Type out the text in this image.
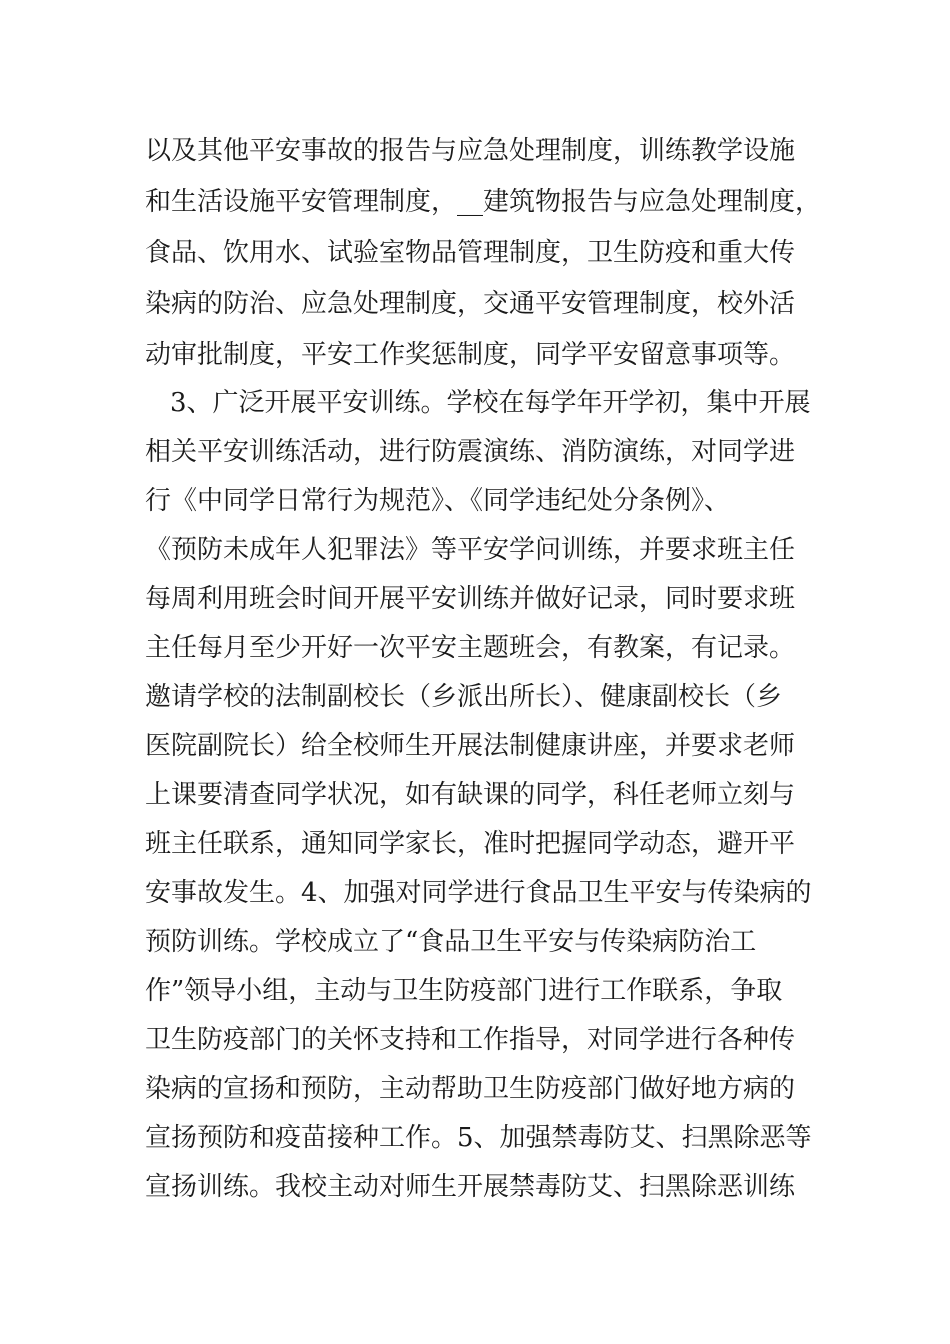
以及其他平安事故的报告与应急处理制度，训练教学设施
和生活设施平安管理制度，__建筑物报告与应急处理制度，
食品、饮用水、试验室物品管理制度，卫生防疫和重大传
染病的防治、应急处理制度，交通平安管理制度，校外活
动审批制度，平安工作奖惩制度，同学平安留意事项等。
3、广泛开展平安训练。学校在每学年开学初，集中开展
相关平安训练活动，进行防震演练、消防演练，对同学进
行《中同学日常行为规范》、《同学违纪处分条例》、
《预防未成年人犯罪法》等平安学问训练，并要求班主任
每周利用班会时间开展平安训练并做好记录，同时要求班
主任每月至少开好一次平安主题班会，有教案，有记录。
邀请学校的法制副校长（乡派出所长）、健康副校长（乡
医院副院长）给全校师生开展法制健康讲座，并要求老师
上课要清查同学状况，如有缺课的同学，科任老师立刻与
班主任联系，通知同学家长，准时把握同学动态，避开平
安事故发生。4、加强对同学进行食品卫生平安与传染病的
预防训练。学校成立了“食品卫生平安与传染病防治工
作”领导小组，主动与卫生防疫部门进行工作联系，争取
卫生防疫部门的关怀支持和工作指导，对同学进行各种传
染病的宣扬和预防，主动帮助卫生防疫部门做好地方病的
宣扬预防和疫苗接种工作。5、加强禁毒防艾、扫黑除恶等
宣扬训练。我校主动对师生开展禁毒防艾、扫黑除恶训练
